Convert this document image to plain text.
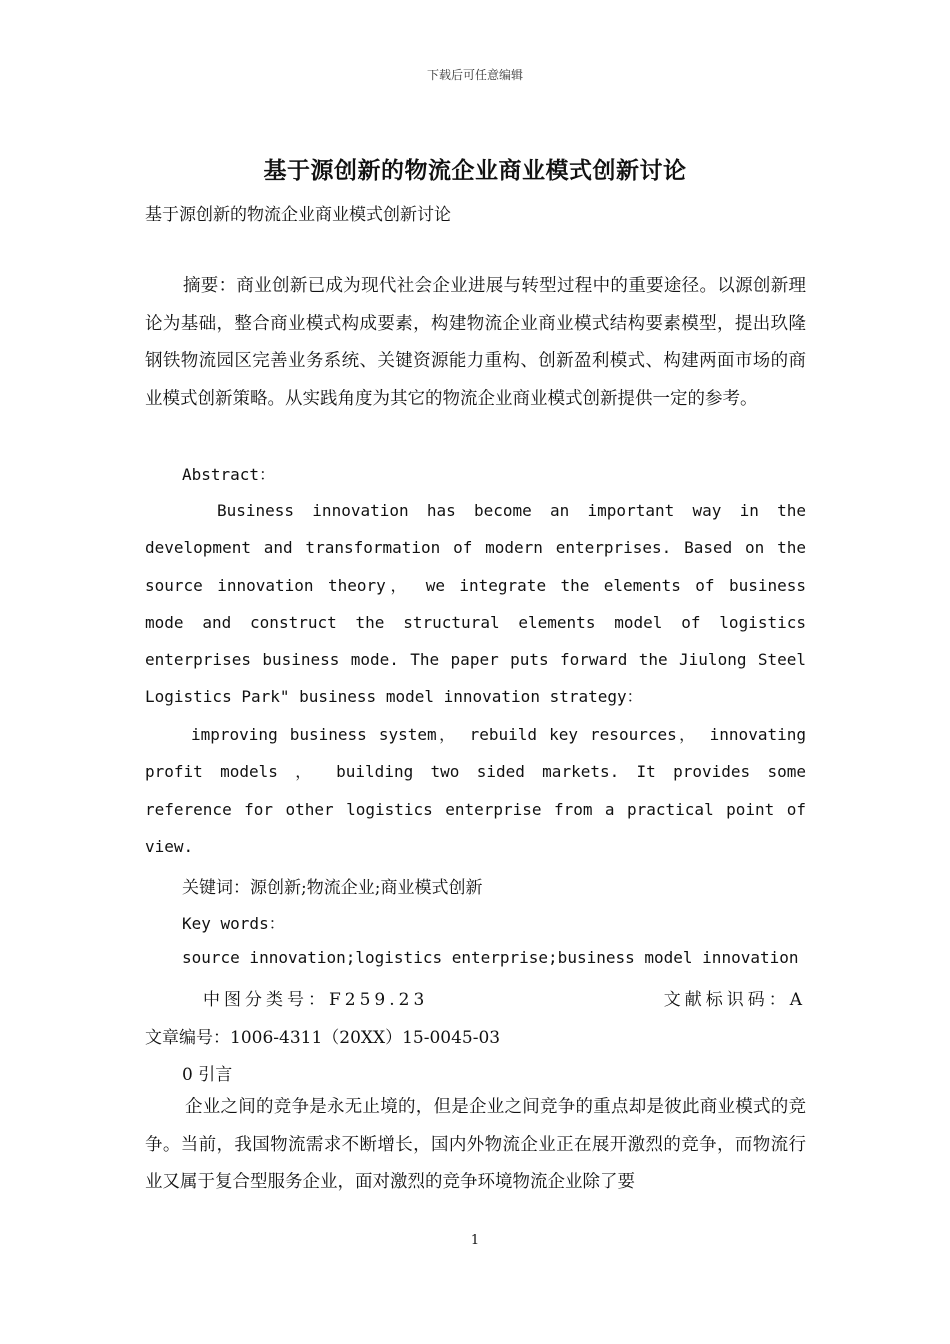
下载后可任意编辑
基于源创新的物流企业商业模式创新讨论
基于源创新的物流企业商业模式创新讨论

摘要：商业创新已成为现代社会企业进展与转型过程中的重要途径。以源创新理论为基础，整合商业模式构成要素，构建物流企业商业模式结构要素模型，提出玖隆钢铁物流园区完善业务系统、关键资源能力重构、创新盈利模式、构建两面市场的商业模式创新策略。从实践角度为其它的物流企业商业模式创新提供一定的参考。

Abstract：
Business innovation has become an important way in the development and transformation of modern enterprises. Based on the source innovation theory， we integrate the elements of business mode and construct the structural elements model of logistics enterprises business mode. The paper puts forward the Jiulong Steel Logistics Park" business model innovation strategy：
improving business system， rebuild key resources， innovating profit models ， building two sided markets. It provides some reference for other logistics enterprise from a practical point of view.
关键词：源创新;物流企业;商业模式创新
Key words：
source innovation;logistics enterprise;business model innovation
中图分类号：F259.23	文献标识码：A
文章编号：1006-4311（20XX）15-0045-03
0 引言

企业之间的竞争是永无止境的，但是企业之间竞争的重点却是彼此商业模式的竞争。当前，我国物流需求不断增长，国内外物流企业正在展开激烈的竞争，而物流行业又属于复合型服务企业，面对激烈的竞争环境物流企业除了要

1
